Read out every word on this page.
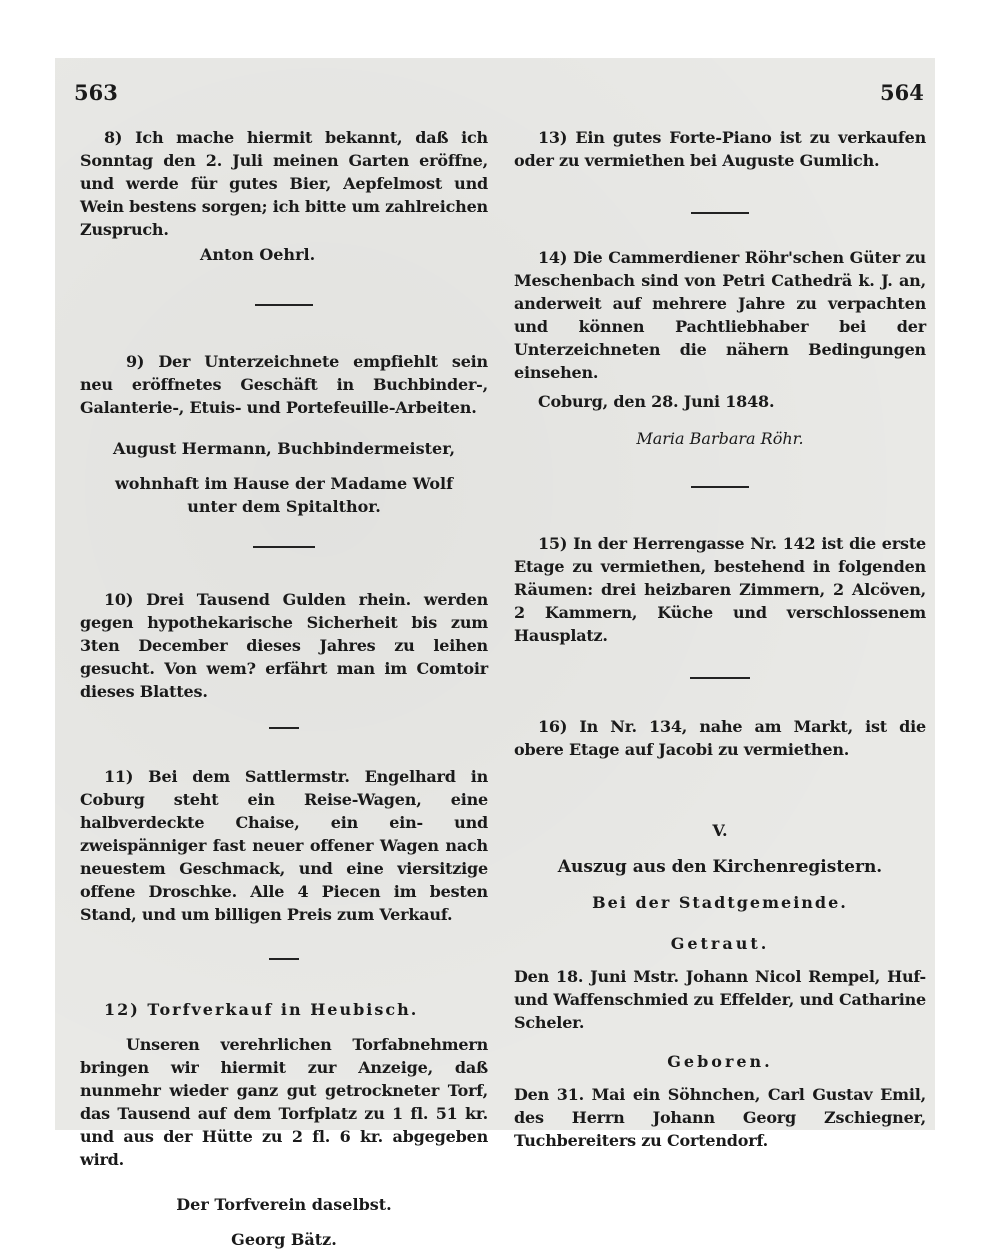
563	564

8) Ich mache hiermit bekannt, daß ich Sonntag den 2. Juli meinen Garten eröffne, und werde für gutes Bier, Aepfelmost und Wein bestens sorgen; ich bitte um zahlreichen Zuspruch.

Anton Oehrl.

9) Der Unterzeichnete empfiehlt sein neu eröffnetes Geschäft in Buchbinder-, Galanterie-, Etuis- und Portefeuille-Arbeiten.

August Hermann, Buchbindermeister,

wohnhaft im Hause der Madame Wolf unter dem Spitalthor.

10) Drei Tausend Gulden rhein. werden gegen hypothekarische Sicherheit bis zum 3ten December dieses Jahres zu leihen gesucht. Von wem? erfährt man im Comtoir dieses Blattes.

11) Bei dem Sattlermstr. Engelhard in Coburg steht ein Reise-Wagen, eine halbverdeckte Chaise, ein ein- und zweispänniger fast neuer offener Wagen nach neuestem Geschmack, und eine viersitzige offene Droschke. Alle 4 Piecen im besten Stand, und um billigen Preis zum Verkauf.

12) Torfverkauf in Heubisch.

Unseren verehrlichen Torfabnehmern bringen wir hiermit zur Anzeige, daß nunmehr wieder ganz gut getrockneter Torf, das Tausend auf dem Torfplatz zu 1 fl. 51 kr. und aus der Hütte zu 2 fl. 6 kr. abgegeben wird.

Der Torfverein daselbst.

Georg Bätz.

13) Ein gutes Forte-Piano ist zu verkaufen oder zu vermiethen bei Auguste Gumlich.

14) Die Cammerdiener Röhr'schen Güter zu Meschenbach sind von Petri Cathedrä k. J. an, anderweit auf mehrere Jahre zu verpachten und können Pachtliebhaber bei der Unterzeichneten die nähern Bedingungen einsehen.

Coburg, den 28. Juni 1848.

Maria Barbara Röhr.

15) In der Herrengasse Nr. 142 ist die erste Etage zu vermiethen, bestehend in folgenden Räumen: drei heizbaren Zimmern, 2 Alcöven, 2 Kammern, Küche und verschlossenem Hausplatz.

16) In Nr. 134, nahe am Markt, ist die obere Etage auf Jacobi zu vermiethen.

V.

Auszug aus den Kirchenregistern.

Bei der Stadtgemeinde.

Getraut.

Den 18. Juni Mstr. Johann Nicol Rempel, Huf- und Waffenschmied zu Effelder, und Catharine Scheler.

Geboren.

Den 31. Mai ein Söhnchen, Carl Gustav Emil, des Herrn Johann Georg Zschiegner, Tuchbereiters zu Cortendorf.
